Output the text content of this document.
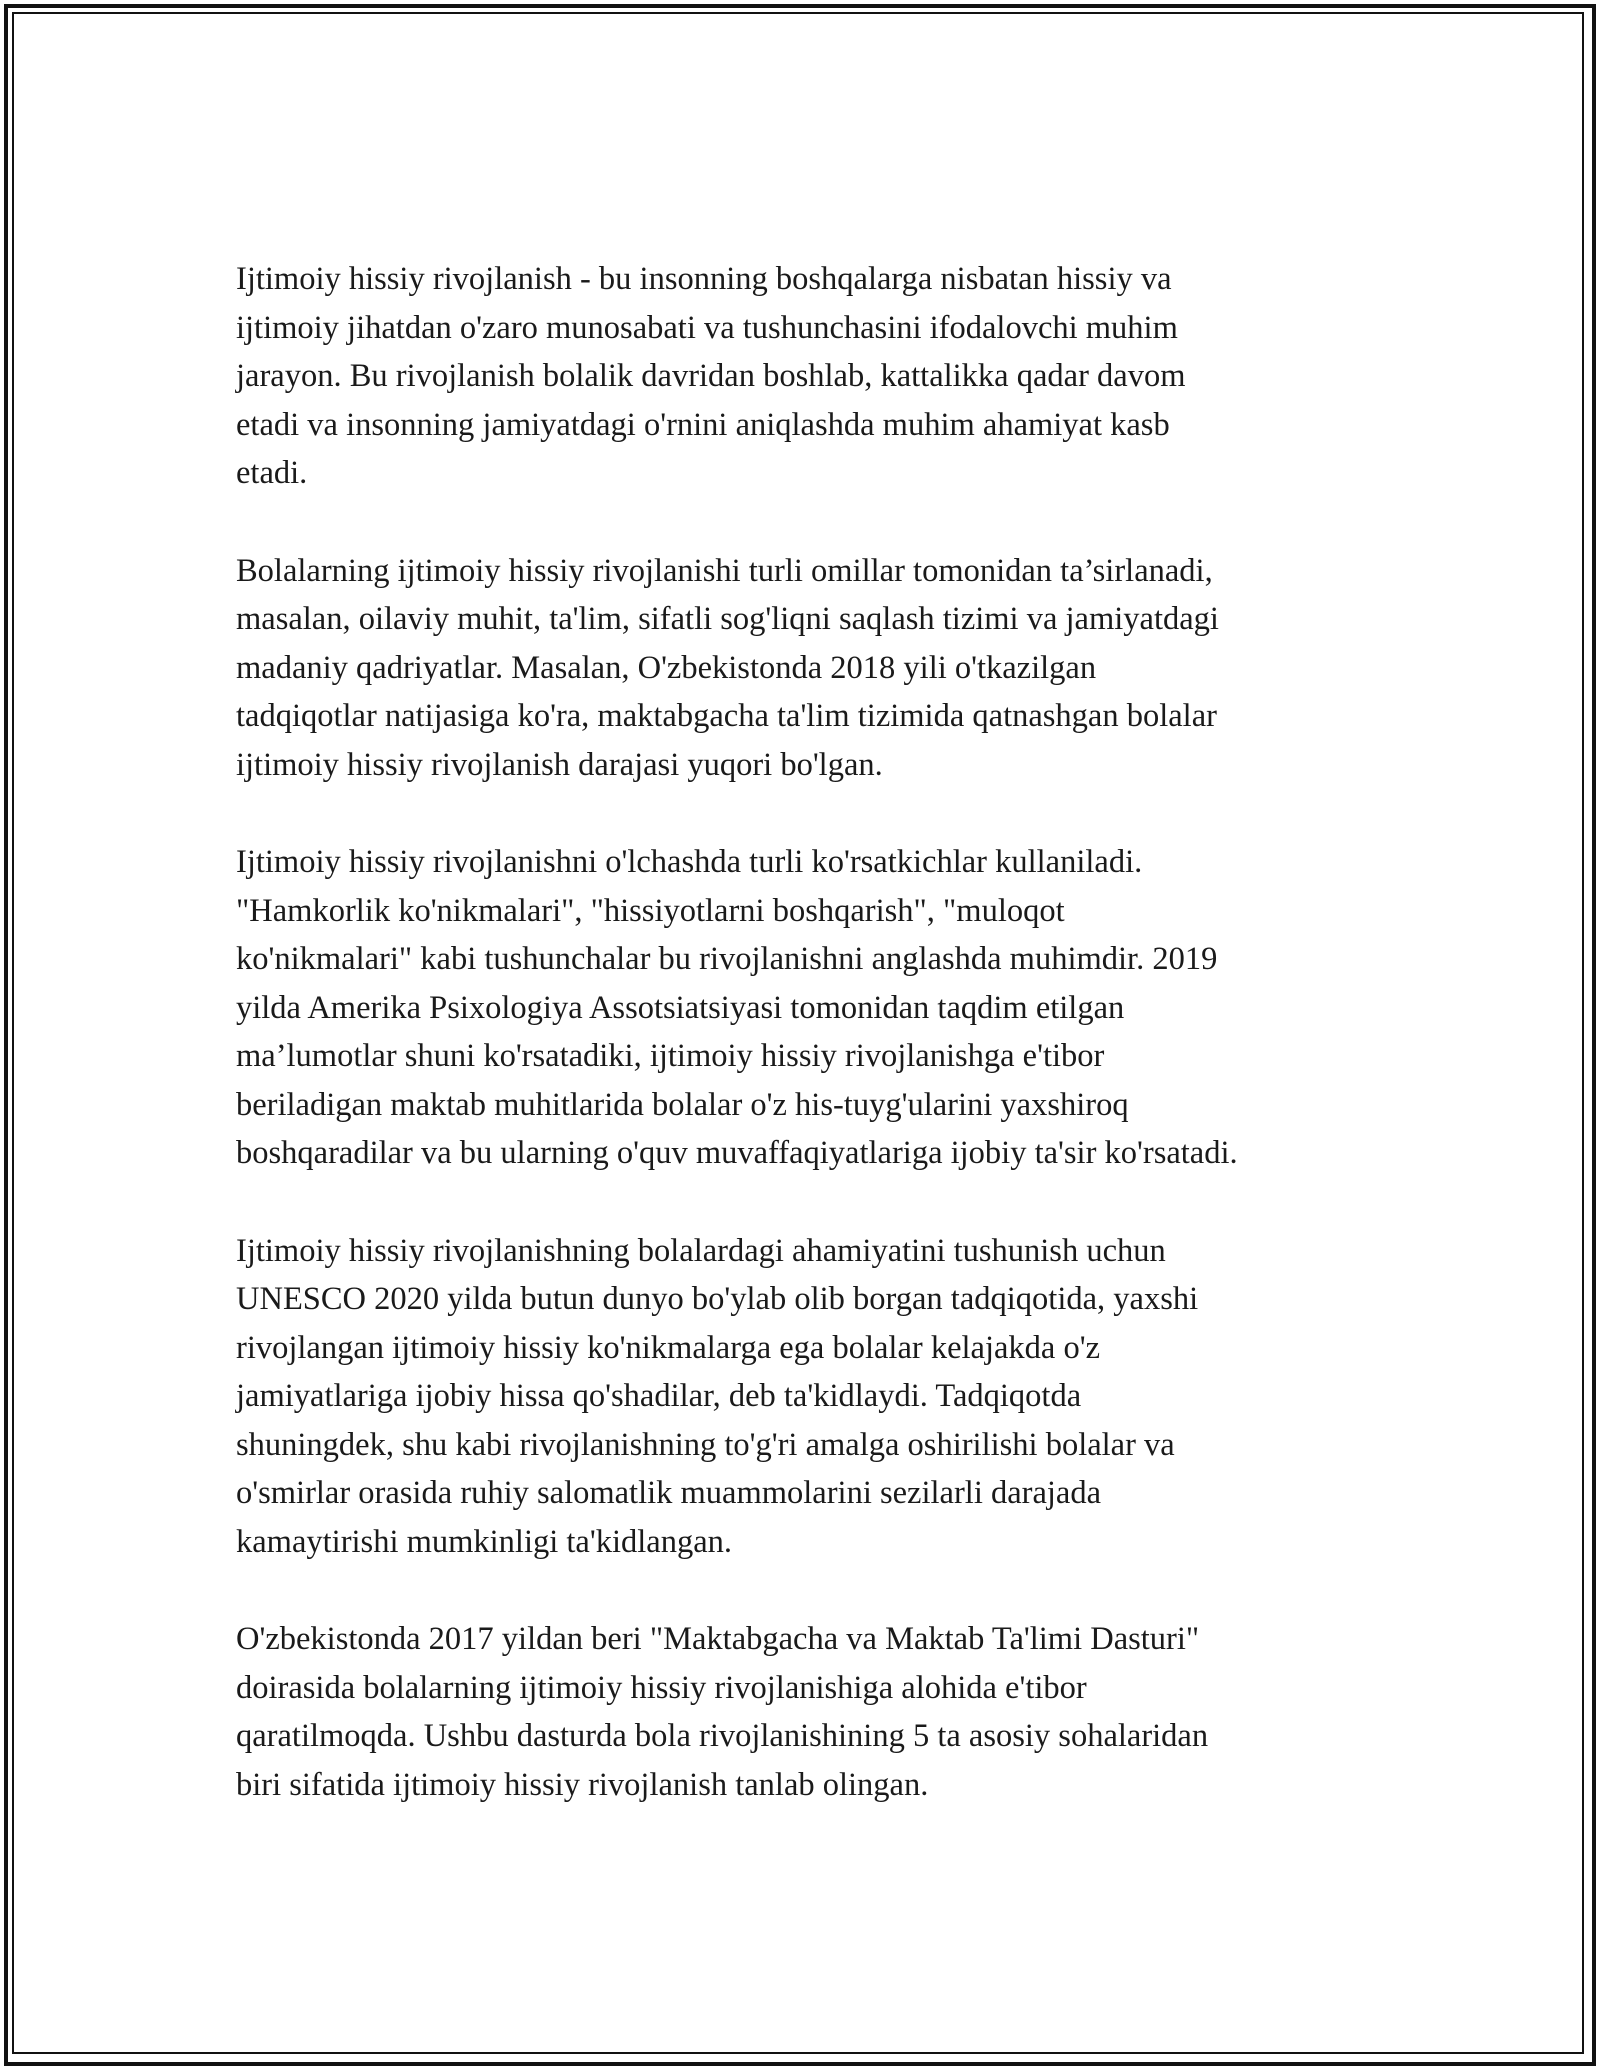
Ijtimoiy hissiy rivojlanish - bu insonning boshqalarga nisbatan hissiy va
ijtimoiy jihatdan o'zaro munosabati va tushunchasini ifodalovchi muhim
jarayon. Bu rivojlanish bolalik davridan boshlab, kattalikka qadar davom
etadi va insonning jamiyatdagi o'rnini aniqlashda muhim ahamiyat kasb
etadi.

Bolalarning ijtimoiy hissiy rivojlanishi turli omillar tomonidan ta’sirlanadi,
masalan, oilaviy muhit, ta'lim, sifatli sog'liqni saqlash tizimi va jamiyatdagi
madaniy qadriyatlar. Masalan, O'zbekistonda 2018 yili o'tkazilgan
tadqiqotlar natijasiga ko'ra, maktabgacha ta'lim tizimida qatnashgan bolalar
ijtimoiy hissiy rivojlanish darajasi yuqori bo'lgan.

Ijtimoiy hissiy rivojlanishni o'lchashda turli ko'rsatkichlar kullaniladi.
"Hamkorlik ko'nikmalari", "hissiyotlarni boshqarish", "muloqot
ko'nikmalari" kabi tushunchalar bu rivojlanishni anglashda muhimdir. 2019
yilda Amerika Psixologiya Assotsiatsiyasi tomonidan taqdim etilgan
ma’lumotlar shuni ko'rsatadiki, ijtimoiy hissiy rivojlanishga e'tibor
beriladigan maktab muhitlarida bolalar o'z his-tuyg'ularini yaxshiroq
boshqaradilar va bu ularning o'quv muvaffaqiyatlariga ijobiy ta'sir ko'rsatadi.

Ijtimoiy hissiy rivojlanishning bolalardagi ahamiyatini tushunish uchun
UNESCO 2020 yilda butun dunyo bo'ylab olib borgan tadqiqotida, yaxshi
rivojlangan ijtimoiy hissiy ko'nikmalarga ega bolalar kelajakda o'z
jamiyatlariga ijobiy hissa qo'shadilar, deb ta'kidlaydi. Tadqiqotda
shuningdek, shu kabi rivojlanishning to'g'ri amalga oshirilishi bolalar va
o'smirlar orasida ruhiy salomatlik muammolarini sezilarli darajada
kamaytirishi mumkinligi ta'kidlangan.

O'zbekistonda 2017 yildan beri "Maktabgacha va Maktab Ta'limi Dasturi"
doirasida bolalarning ijtimoiy hissiy rivojlanishiga alohida e'tibor
qaratilmoqda. Ushbu dasturda bola rivojlanishining 5 ta asosiy sohalaridan
biri sifatida ijtimoiy hissiy rivojlanish tanlab olingan.
